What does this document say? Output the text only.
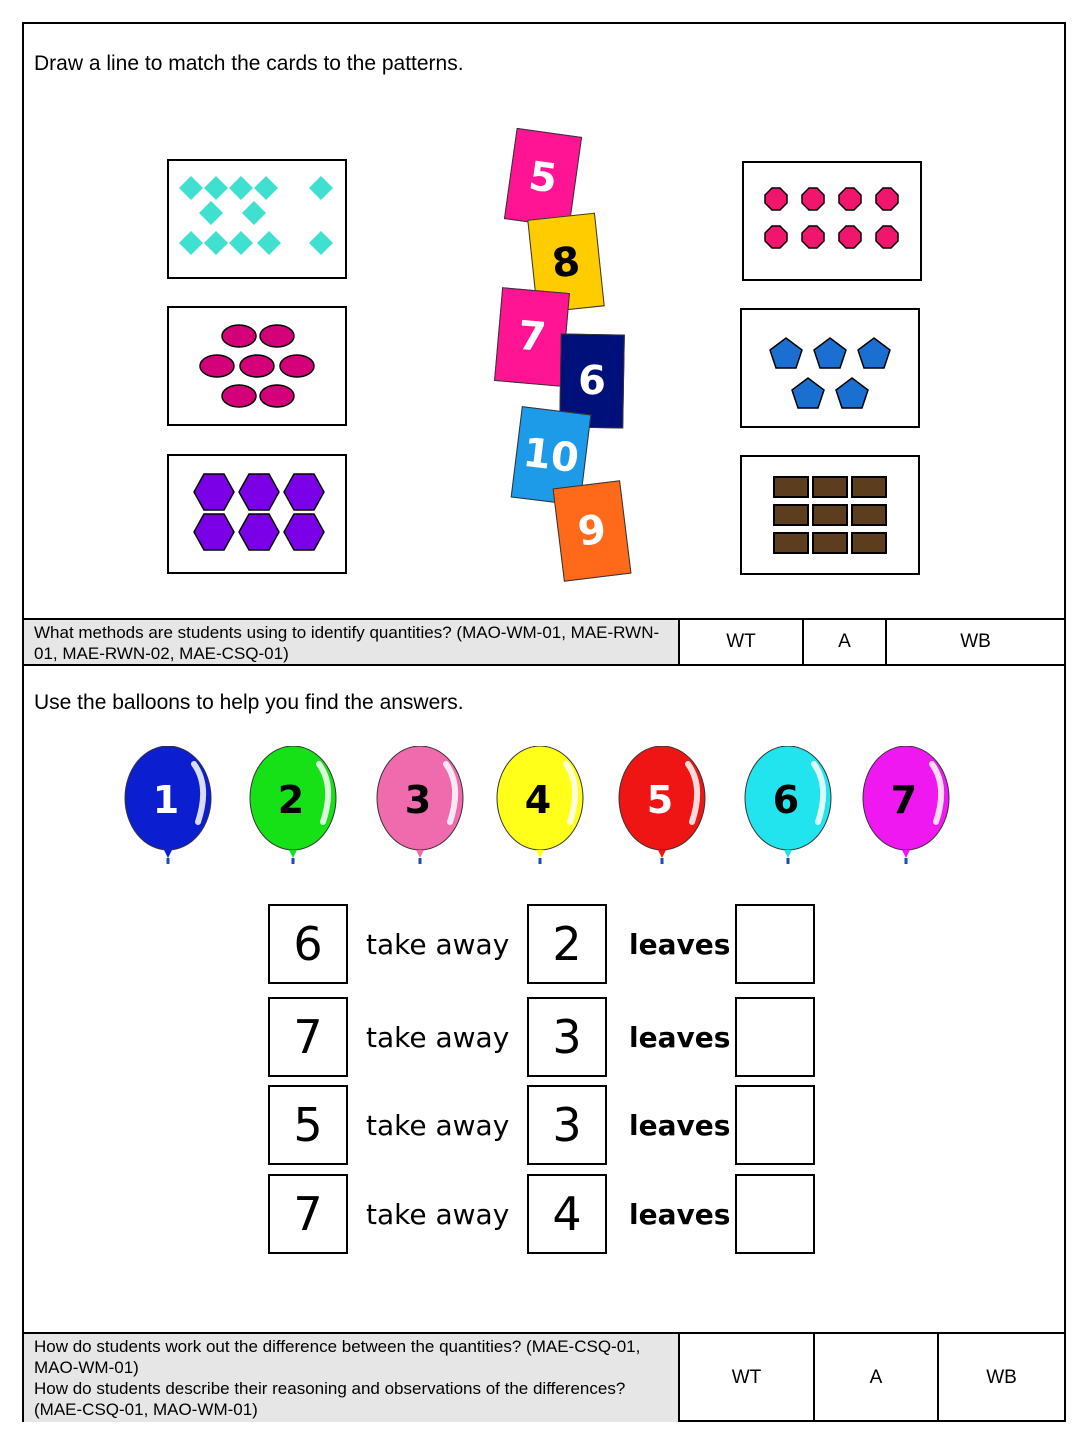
Draw a line to match the cards to the patterns.
5
8
7
6
10
9
What methods are students using to identify quantities? (MAO-WM-01, MAE-RWN-01, MAE-RWN-02, MAE-CSQ-01)
WT	A	WB
Use the balloons to help you find the answers.
1	2	3	4	5	6	7
6	take away 2	leaves
7	take away 3	leaves
5	take away 3	leaves
7	take away 4	leaves
How do students work out the difference between the quantities? (MAE-CSQ-01, MAO-WM-01)
How do students describe their reasoning and observations of the differences? (MAE-CSQ-01, MAO-WM-01)
WT	A	WB
